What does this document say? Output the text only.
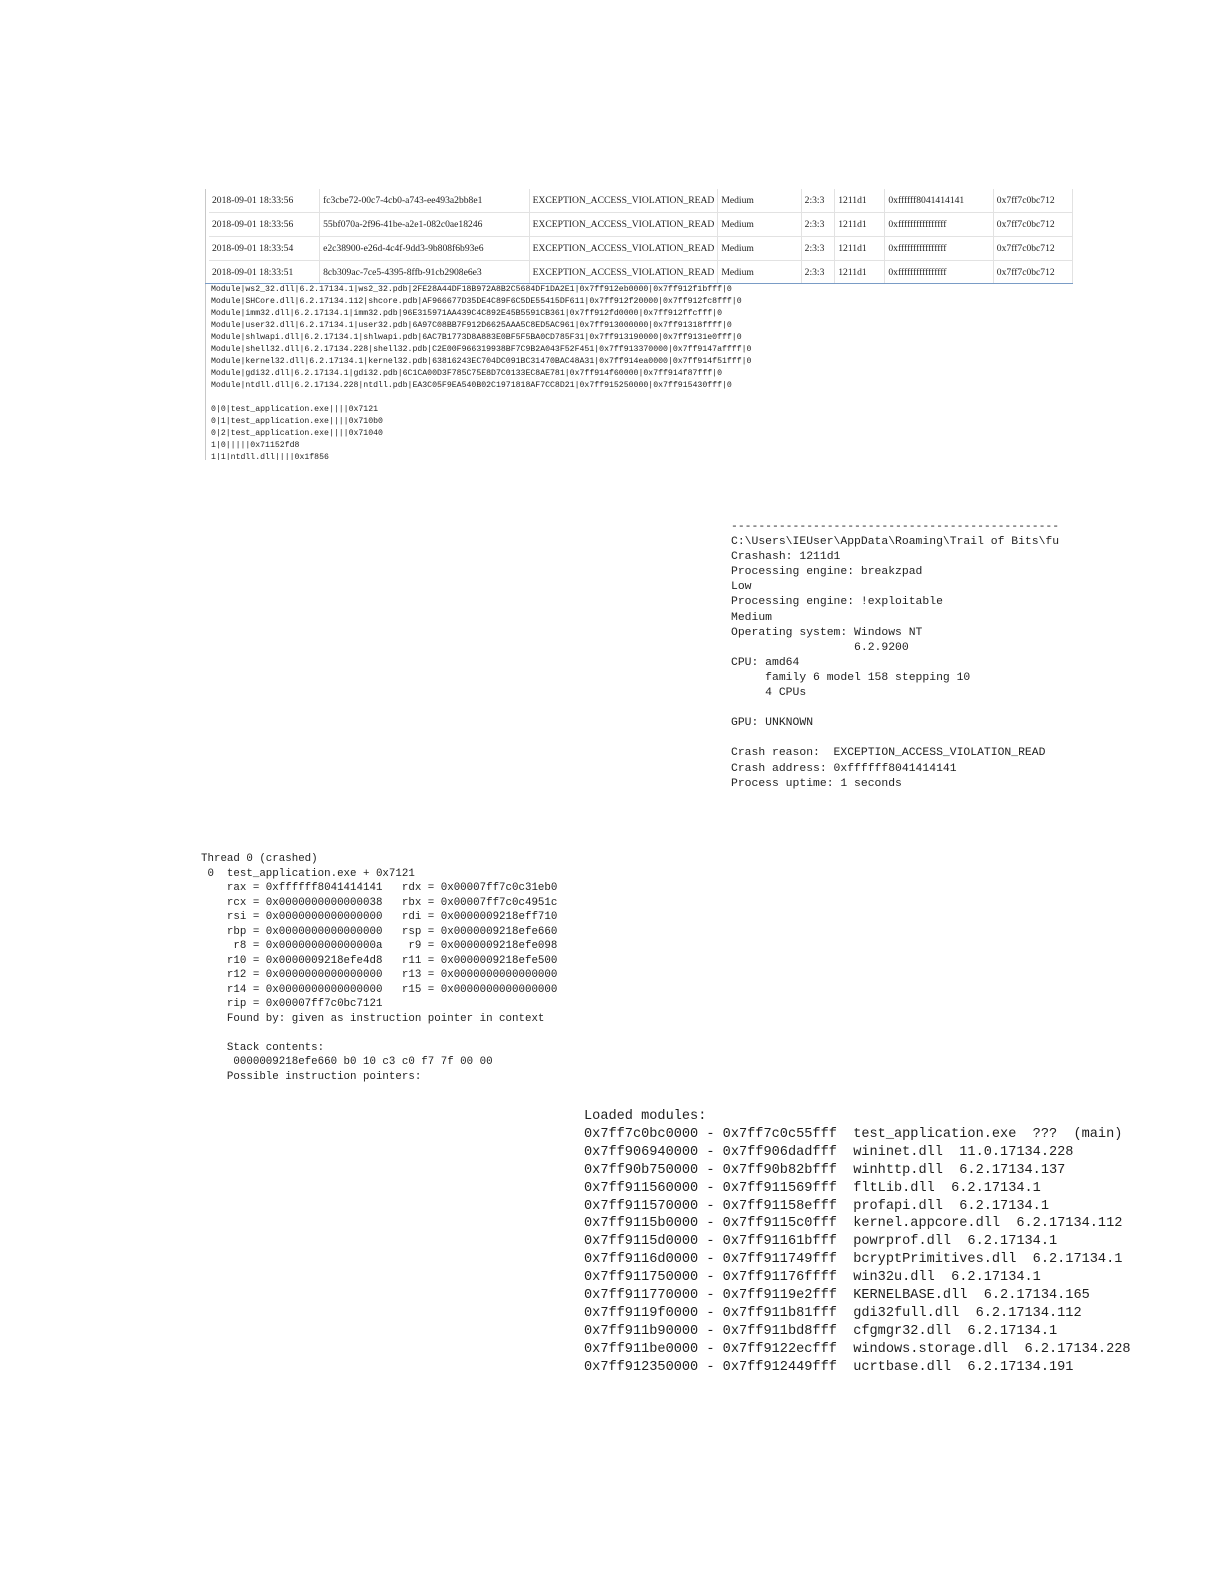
2018-09-01 18:33:56	fc3cbe72-00c7-4cb0-a743-ee493a2bb8e1	EXCEPTION_ACCESS_VIOLATION_READ	Medium	2:3:3	1211d1	0xffffff8041414141	0x7ff7c0bc712
2018-09-01 18:33:56	55bf070a-2f96-41be-a2e1-082c0ae18246	EXCEPTION_ACCESS_VIOLATION_READ	Medium	2:3:3	1211d1	0xffffffffffffffff	0x7ff7c0bc712
2018-09-01 18:33:54	e2c38900-e26d-4c4f-9dd3-9b808f6b93e6	EXCEPTION_ACCESS_VIOLATION_READ	Medium	2:3:3	1211d1	0xffffffffffffffff	0x7ff7c0bc712
2018-09-01 18:33:51	8cb309ac-7ce5-4395-8ffb-91cb2908e6e3	EXCEPTION_ACCESS_VIOLATION_READ	Medium	2:3:3	1211d1	0xffffffffffffffff	0x7ff7c0bc712
Module|ws2_32.dll|6.2.17134.1|ws2_32.pdb|2FE28A44DF18B972A8B2C5684DF1DA2E1|0x7ff912eb0000|0x7ff912f1bfff|0
Module|SHCore.dll|6.2.17134.112|shcore.pdb|AF966677D35DE4C89F6C5DE55415DF611|0x7ff912f20000|0x7ff912fc8fff|0
Module|imm32.dll|6.2.17134.1|imm32.pdb|96E315971AA439C4C892E45B5591CB361|0x7ff912fd0000|0x7ff912ffcfff|0
Module|user32.dll|6.2.17134.1|user32.pdb|6A97C08BB7F912D6625AAA5C8ED5AC961|0x7ff913000000|0x7ff91318ffff|0
Module|shlwapi.dll|6.2.17134.1|shlwapi.pdb|6AC7B1773D8A883E0BF5F5BA0CD785F31|0x7ff913190000|0x7ff9131e0fff|0
Module|shell32.dll|6.2.17134.228|shell32.pdb|C2E00F966319938BF7C9B2A043F52F451|0x7ff913370000|0x7ff9147affff|0
Module|kernel32.dll|6.2.17134.1|kernel32.pdb|63816243EC704DC091BC31470BAC48A31|0x7ff914ea0000|0x7ff914f51fff|0
Module|gdi32.dll|6.2.17134.1|gdi32.pdb|6C1CA00D3F785C75E8D7C0133EC8AE781|0x7ff914f60000|0x7ff914f87fff|0
Module|ntdll.dll|6.2.17134.228|ntdll.pdb|EA3C05F9EA540B02C1971818AF7CC8D21|0x7ff915250000|0x7ff915430fff|0
0|0|test_application.exe||||0x7121
0|1|test_application.exe||||0x710b0
0|2|test_application.exe||||0x71040
1|0|||||0x71152fd8
1|1|ntdll.dll||||0x1f856
------------------------------------------------
C:\Users\IEUser\AppData\Roaming\Trail of Bits\fu
Crashash: 1211d1
Processing engine: breakzpad
Low
Processing engine: !exploitable
Medium
Operating system: Windows NT
6.2.9200
CPU: amd64
family 6 model 158 stepping 10
4 CPUs
GPU: UNKNOWN
Crash reason:  EXCEPTION_ACCESS_VIOLATION_READ
Crash address: 0xffffff8041414141
Process uptime: 1 seconds
Thread 0 (crashed)
0  test_application.exe + 0x7121
rax = 0xffffff8041414141   rdx = 0x00007ff7c0c31eb0
rcx = 0x0000000000000038   rbx = 0x00007ff7c0c4951c
rsi = 0x0000000000000000   rdi = 0x0000009218eff710
rbp = 0x0000000000000000   rsp = 0x0000009218efe660
r8 = 0x000000000000000a    r9 = 0x0000009218efe098
r10 = 0x0000009218efe4d8   r11 = 0x0000009218efe500
r12 = 0x0000000000000000   r13 = 0x0000000000000000
r14 = 0x0000000000000000   r15 = 0x0000000000000000
rip = 0x00007ff7c0bc7121
Found by: given as instruction pointer in context
Stack contents:
0000009218efe660 b0 10 c3 c0 f7 7f 00 00
Possible instruction pointers:
Loaded modules:
0x7ff7c0bc0000 - 0x7ff7c0c55fff  test_application.exe  ???  (main)
0x7ff906940000 - 0x7ff906dadfff  wininet.dll  11.0.17134.228
0x7ff90b750000 - 0x7ff90b82bfff  winhttp.dll  6.2.17134.137
0x7ff911560000 - 0x7ff911569fff  fltLib.dll  6.2.17134.1
0x7ff911570000 - 0x7ff91158efff  profapi.dll  6.2.17134.1
0x7ff9115b0000 - 0x7ff9115c0fff  kernel.appcore.dll  6.2.17134.112
0x7ff9115d0000 - 0x7ff91161bfff  powrprof.dll  6.2.17134.1
0x7ff9116d0000 - 0x7ff911749fff  bcryptPrimitives.dll  6.2.17134.1
0x7ff911750000 - 0x7ff91176ffff  win32u.dll  6.2.17134.1
0x7ff911770000 - 0x7ff9119e2fff  KERNELBASE.dll  6.2.17134.165
0x7ff9119f0000 - 0x7ff911b81fff  gdi32full.dll  6.2.17134.112
0x7ff911b90000 - 0x7ff911bd8fff  cfgmgr32.dll  6.2.17134.1
0x7ff911be0000 - 0x7ff9122ecfff  windows.storage.dll  6.2.17134.228
0x7ff912350000 - 0x7ff912449fff  ucrtbase.dll  6.2.17134.191
